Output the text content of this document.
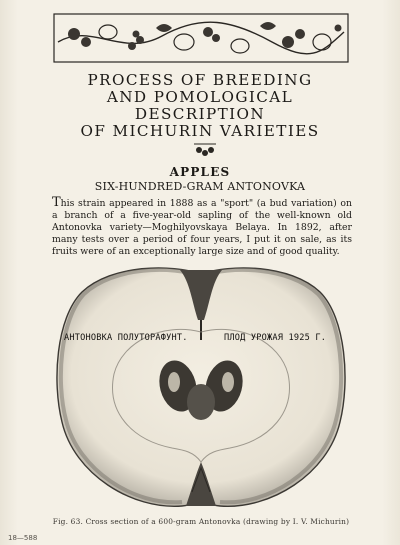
PROCESS OF BREEDING
AND POMOLOGICAL DESCRIPTION
OF MICHURIN VARIETIES
APPLES
SIX-HUNDRED-GRAM ANTONOVKA
This strain appeared in 1888 as a "sport" (a bud variation) on a branch of a five-year-old sapling of the well-known old Antonovka variety—Moghilyovskaya Belaya. In 1892, after many tests over a period of four years, I put it on sale, as its fruits were of an exceptionally large size and of good quality.
АНТОНОВКА ПОЛУТОРАФУНТ.	ПЛОД УРОЖАЯ 1925 Г.
Fig. 63. Cross section of a 600-gram Antonovka (drawing by I. V. Michurin)
18—588
